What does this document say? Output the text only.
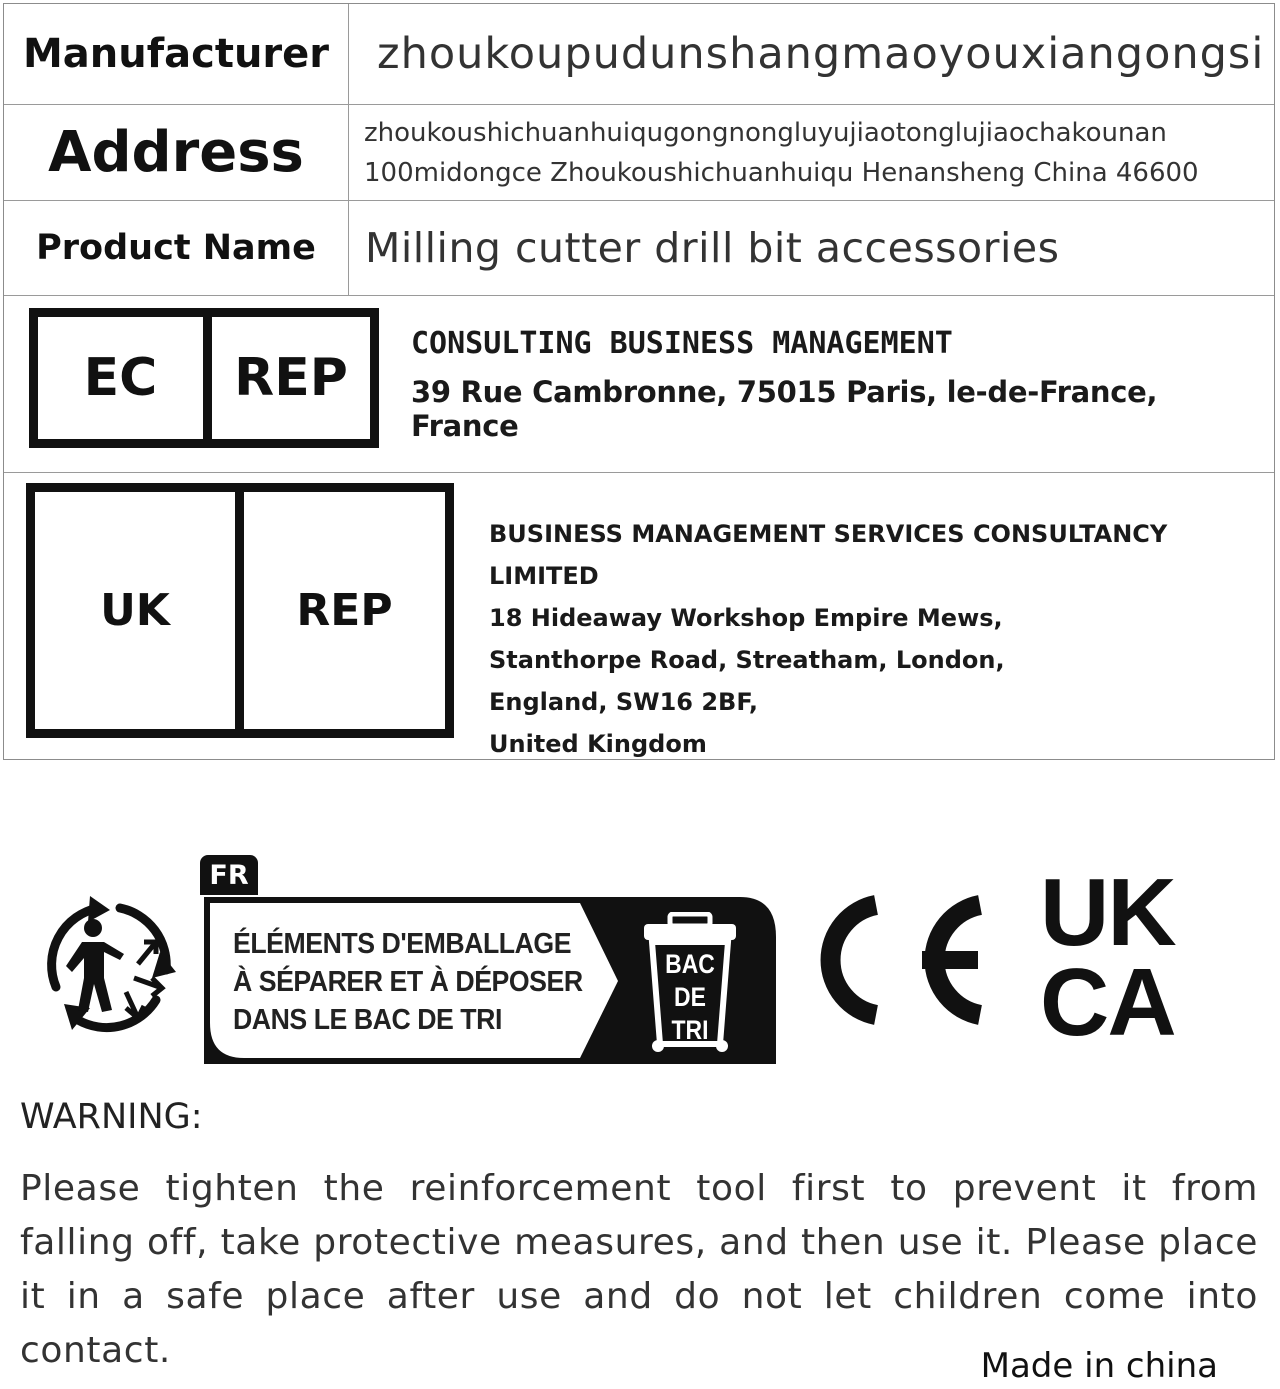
Manufacturer	zhoukoupudunshangmaoyouxiangongsi
Address	zhoukoushichuanhuiqugongnongluyujiaotonglujiaochakounan
100midongce Zhoukoushichuanhuiqu Henansheng China 46600
Product Name	Milling cutter drill bit accessories
EC	REP
CONSULTING BUSINESS MANAGEMENT
39 Rue Cambronne, 75015 Paris, le-de-France, France
UK	REP
BUSINESS MANAGEMENT SERVICES CONSULTANCY LIMITED
18 Hideaway Workshop Empire Mews,
Stanthorpe Road, Streatham, London,
England, SW16 2BF,
United Kingdom
FR
ÉLÉMENTS D'EMBALLAGE
À SÉPARER ET À DÉPOSER
DANS LE BAC DE TRI
BAC
DE
TRI
UK
CA
WARNING:
Please tighten the reinforcement tool first to prevent it from falling off, take protective measures, and then use it. Please place it in a safe place after use and do not let children come into contact.	Made in china
